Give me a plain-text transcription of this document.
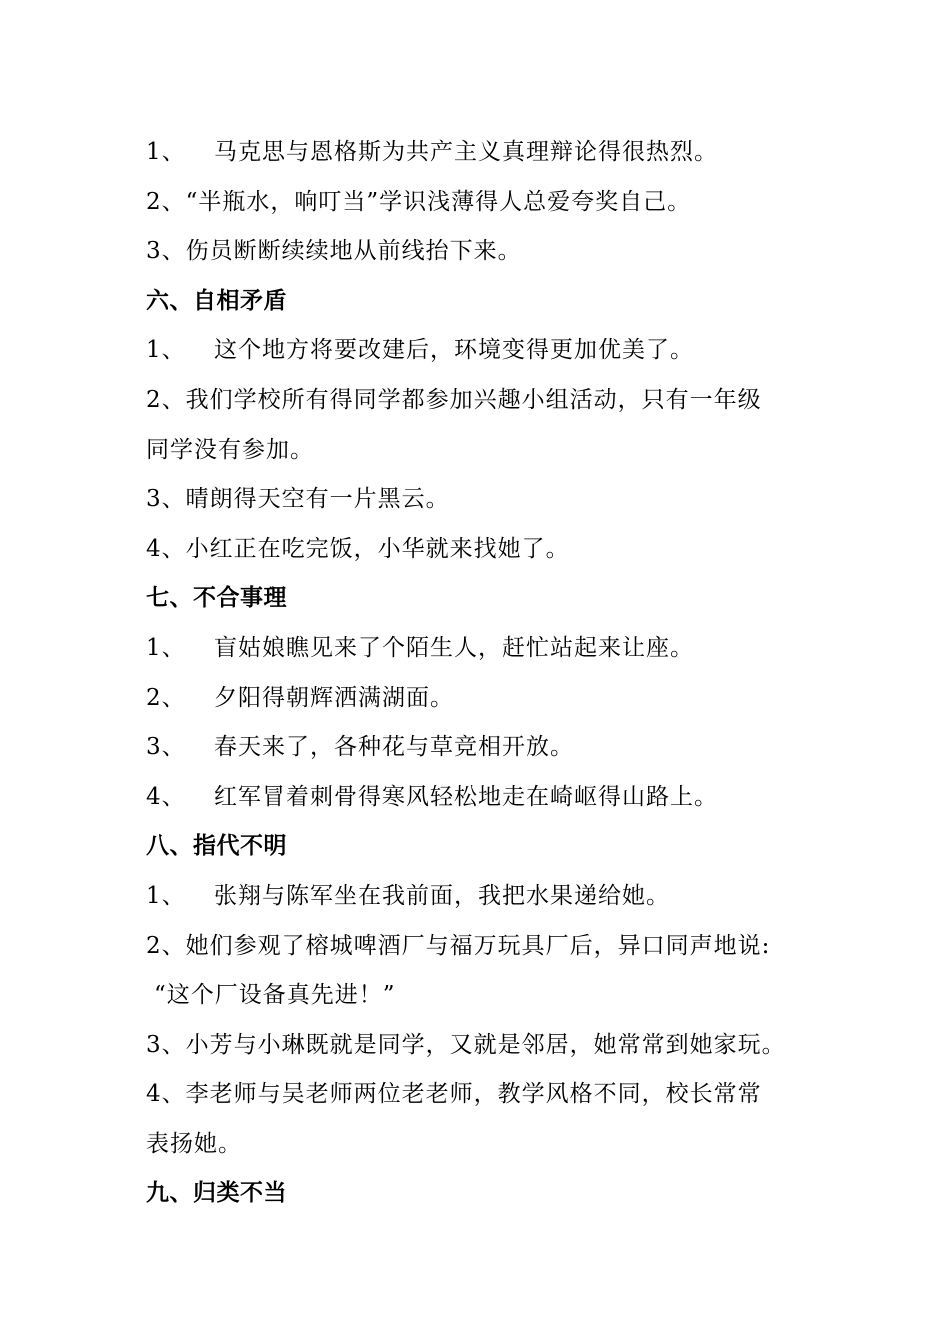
1、 马克思与恩格斯为共产主义真理辩论得很热烈。
2、“半瓶水，响叮当”学识浅薄得人总爱夸奖自己。
3、伤员断断续续地从前线抬下来。
六、自相矛盾
1、 这个地方将要改建后，环境变得更加优美了。
2、我们学校所有得同学都参加兴趣小组活动，只有一年级
同学没有参加。
3、晴朗得天空有一片黑云。
4、小红正在吃完饭，小华就来找她了。
七、不合事理
1、 盲姑娘瞧见来了个陌生人，赶忙站起来让座。
2、 夕阳得朝辉洒满湖面。
3、 春天来了，各种花与草竞相开放。
4、 红军冒着刺骨得寒风轻松地走在崎岖得山路上。
八、指代不明
1、 张翔与陈军坐在我前面，我把水果递给她。
2、她们参观了榕城啤酒厂与福万玩具厂后，异口同声地说:
“这个厂设备真先进！”
3、小芳与小琳既就是同学，又就是邻居，她常常到她家玩。
4、李老师与吴老师两位老老师，教学风格不同，校长常常
表扬她。
九、归类不当
